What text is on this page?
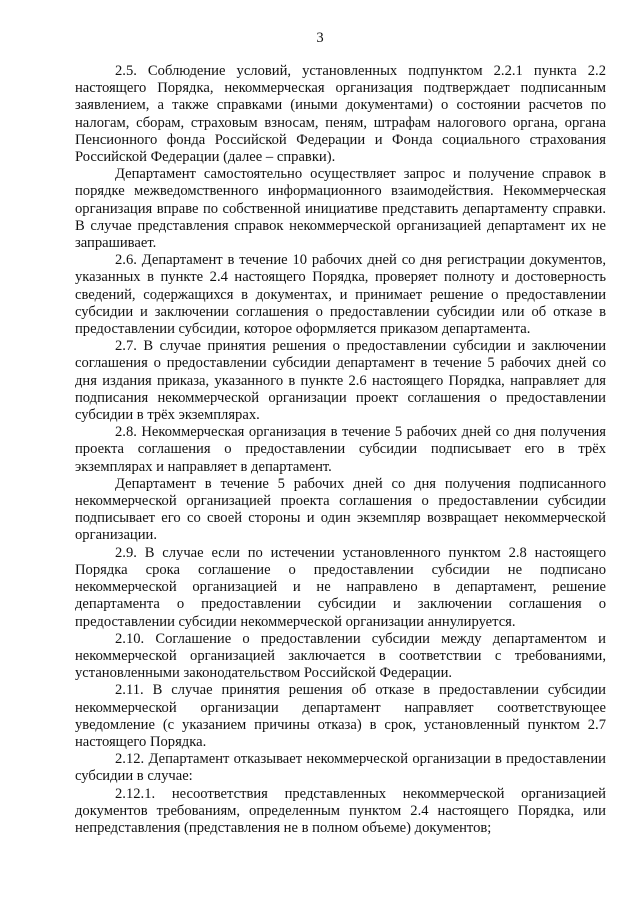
3

2.5. Соблюдение условий, установленных подпунктом 2.2.1 пункта 2.2 настоящего Порядка, некоммерческая организация подтверждает подписанным заявлением, а также справками (иными документами) о состоянии расчетов по налогам, сборам, страховым взносам, пеням, штрафам налогового органа, органа Пенсионного фонда Российской Федерации и Фонда социального страхования Российской Федерации (далее – справки).

Департамент самостоятельно осуществляет запрос и получение справок в порядке межведомственного информационного взаимодействия. Некоммерческая организация вправе по собственной инициативе представить департаменту справки. В случае представления справок некоммерческой организацией департамент их не запрашивает.

2.6. Департамент в течение 10 рабочих дней со дня регистрации документов, указанных в пункте 2.4 настоящего Порядка, проверяет полноту и достоверность сведений, содержащихся в документах, и принимает решение о предоставлении субсидии и заключении соглашения о предоставлении субсидии или об отказе в предоставлении субсидии, которое оформляется приказом департамента.

2.7. В случае принятия решения о предоставлении субсидии и заключении соглашения о предоставлении субсидии департамент в течение 5 рабочих дней со дня издания приказа, указанного в пункте 2.6 настоящего Порядка, направляет для подписания некоммерческой организации проект соглашения о предоставлении субсидии в трёх экземплярах.

2.8. Некоммерческая организация в течение 5 рабочих дней со дня получения проекта соглашения о предоставлении субсидии подписывает его в трёх экземплярах и направляет в департамент.

Департамент в течение 5 рабочих дней со дня получения подписанного некоммерческой организацией проекта соглашения о предоставлении субсидии подписывает его со своей стороны и один экземпляр возвращает некоммерческой организации.

2.9. В случае если по истечении установленного пунктом 2.8 настоящего Порядка срока соглашение о предоставлении субсидии не подписано некоммерческой организацией и не направлено в департамент, решение департамента о предоставлении субсидии и заключении соглашения о предоставлении субсидии некоммерческой организации аннулируется.

2.10. Соглашение о предоставлении субсидии между департаментом и некоммерческой организацией заключается в соответствии с требованиями, установленными законодательством Российской Федерации.

2.11. В случае принятия решения об отказе в предоставлении субсидии некоммерческой организации департамент направляет соответствующее уведомление (с указанием причины отказа) в срок, установленный пунктом 2.7 настоящего Порядка.

2.12. Департамент отказывает некоммерческой организации в предоставлении субсидии в случае:

2.12.1. несоответствия представленных некоммерческой организацией документов требованиям, определенным пунктом 2.4 настоящего Порядка, или непредставления (представления не в полном объеме) документов;
